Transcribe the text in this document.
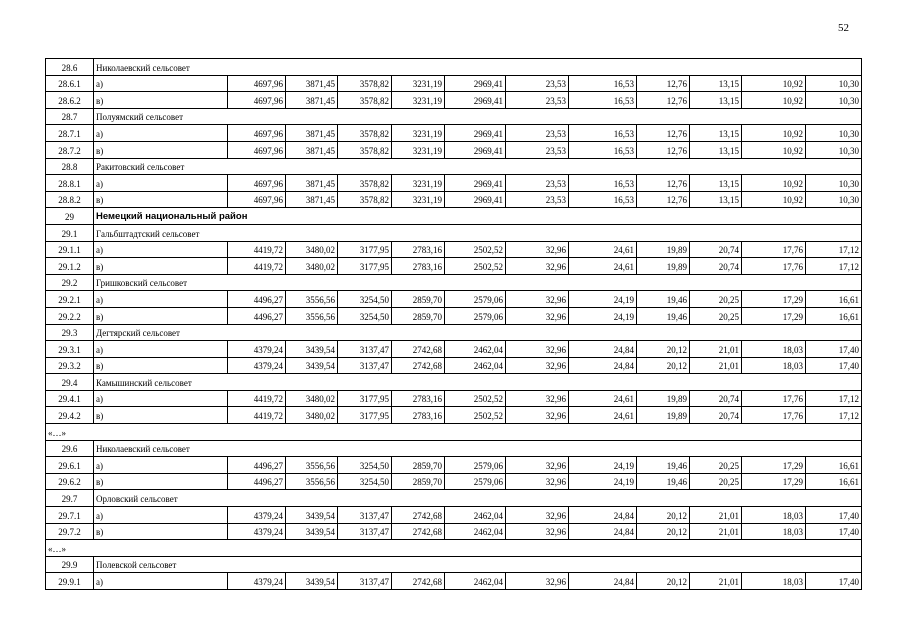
52
28.6	Николаевский сельсовет											
28.6.1	а)	4697,96	3871,45	3578,82	3231,19	2969,41	23,53	16,53	12,76	13,15	10,92	10,30
28.6.2	в)	4697,96	3871,45	3578,82	3231,19	2969,41	23,53	16,53	12,76	13,15	10,92	10,30
28.7	Полуямский сельсовет											
28.7.1	а)	4697,96	3871,45	3578,82	3231,19	2969,41	23,53	16,53	12,76	13,15	10,92	10,30
28.7.2	в)	4697,96	3871,45	3578,82	3231,19	2969,41	23,53	16,53	12,76	13,15	10,92	10,30
28.8	Ракитовский сельсовет											
28.8.1	а)	4697,96	3871,45	3578,82	3231,19	2969,41	23,53	16,53	12,76	13,15	10,92	10,30
28.8.2	в)	4697,96	3871,45	3578,82	3231,19	2969,41	23,53	16,53	12,76	13,15	10,92	10,30
29	Немецкий национальный район											
29.1	Гальбштадтский сельсовет											
29.1.1	а)	4419,72	3480,02	3177,95	2783,16	2502,52	32,96	24,61	19,89	20,74	17,76	17,12
29.1.2	в)	4419,72	3480,02	3177,95	2783,16	2502,52	32,96	24,61	19,89	20,74	17,76	17,12
29.2	Гришковский сельсовет											
29.2.1	а)	4496,27	3556,56	3254,50	2859,70	2579,06	32,96	24,19	19,46	20,25	17,29	16,61
29.2.2	в)	4496,27	3556,56	3254,50	2859,70	2579,06	32,96	24,19	19,46	20,25	17,29	16,61
29.3	Дегтярский сельсовет											
29.3.1	а)	4379,24	3439,54	3137,47	2742,68	2462,04	32,96	24,84	20,12	21,01	18,03	17,40
29.3.2	в)	4379,24	3439,54	3137,47	2742,68	2462,04	32,96	24,84	20,12	21,01	18,03	17,40
29.4	Камышинский сельсовет											
29.4.1	а)	4419,72	3480,02	3177,95	2783,16	2502,52	32,96	24,61	19,89	20,74	17,76	17,12
29.4.2	в)	4419,72	3480,02	3177,95	2783,16	2502,52	32,96	24,61	19,89	20,74	17,76	17,12
«…»												
29.6	Николаевский сельсовет											
29.6.1	а)	4496,27	3556,56	3254,50	2859,70	2579,06	32,96	24,19	19,46	20,25	17,29	16,61
29.6.2	в)	4496,27	3556,56	3254,50	2859,70	2579,06	32,96	24,19	19,46	20,25	17,29	16,61
29.7	Орловский сельсовет											
29.7.1	а)	4379,24	3439,54	3137,47	2742,68	2462,04	32,96	24,84	20,12	21,01	18,03	17,40
29.7.2	в)	4379,24	3439,54	3137,47	2742,68	2462,04	32,96	24,84	20,12	21,01	18,03	17,40
«…»												
29.9	Полевской сельсовет											
29.9.1	а)	4379,24	3439,54	3137,47	2742,68	2462,04	32,96	24,84	20,12	21,01	18,03	17,40
